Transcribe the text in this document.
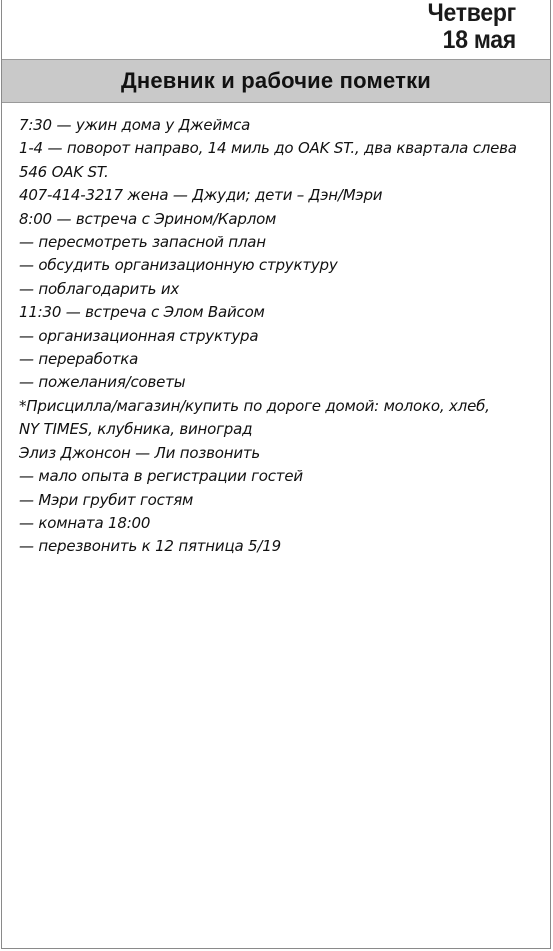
Четверг
18 мая
Дневник и рабочие пометки
7:30 — ужин дома у Джеймса
1-4 — поворот направо, 14 миль до OAK ST., два квартала слева
546 OAK ST.
407-414-3217 жена — Джуди; дети – Дэн/Мэри
8:00 — встреча с Эрином/Карлом
— пересмотреть запасной план
— обсудить организационную структуру
— поблагодарить их
11:30 — встреча с Элом Вайсом
— организационная структура
— переработка
— пожелания/советы
*Присцилла/магазин/купить по дороге домой: молоко, хлеб,
NY TIMES, клубника, виноград
Элиз Джонсон — Ли позвонить
— мало опыта в регистрации гостей
— Мэри грубит гостям
— комната 18:00
— перезвонить к 12 пятница 5/19
